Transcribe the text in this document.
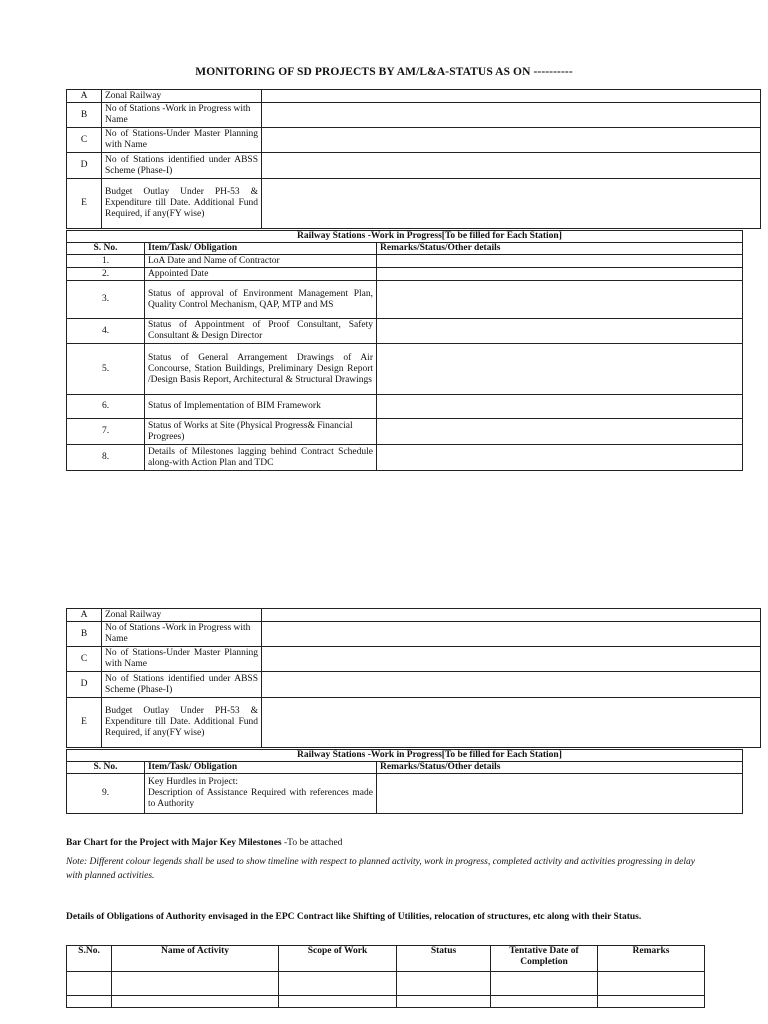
MONITORING OF SD PROJECTS BY AM/L&A-STATUS AS ON ----------
A	Zonal Railway	
B	No of Stations -Work in Progress with Name	
C	No of Stations-Under Master Planning with Name	
D	No of Stations identified under ABSS Scheme (Phase-I)	
E	Budget Outlay Under PH-53 & Expenditure till Date. Additional Fund Required, if any(FY wise)	
Railway Stations -Work in Progress[To be filled for Each Station]		
S. No.	Item/Task/ Obligation	Remarks/Status/Other details
1.	LoA Date and Name of Contractor	
2.	Appointed Date	
3.	Status of approval of Environment Management Plan, Quality Control Mechanism, QAP, MTP and MS	
4.	Status of Appointment of Proof Consultant, Safety Consultant & Design Director	
5.	Status of General Arrangement Drawings of Air Concourse, Station Buildings, Preliminary Design Report /Design Basis Report, Architectural & Structural Drawings	
6.	Status of Implementation of BIM Framework	
7.	Status of Works at Site (Physical Progress& Financial Progrees)	
8.	Details of Milestones lagging behind Contract Schedule along-with Action Plan and TDC	
A	Zonal Railway	
B	No of Stations -Work in Progress with Name	
C	No of Stations-Under Master Planning with Name	
D	No of Stations identified under ABSS Scheme (Phase-I)	
E	Budget Outlay Under PH-53 & Expenditure till Date. Additional Fund Required, if any(FY wise)	
Railway Stations -Work in Progress[To be filled for Each Station]		
S. No.	Item/Task/ Obligation	Remarks/Status/Other details
9.	Key Hurdles in Project:
Description of Assistance Required with references made to Authority	

Bar Chart for the Project with Major Key Milestones -To be attached
Note: Different colour legends shall be used to show timeline with respect to planned activity, work in progress, completed activity and activities progressing in delay with planned activities.
Details of Obligations of Authority envisaged in the EPC Contract like Shifting of Utilities, relocation of structures, etc along with their Status.
S.No.	Name of Activity	Scope of Work	Status	Tentative Date of Completion	Remarks
